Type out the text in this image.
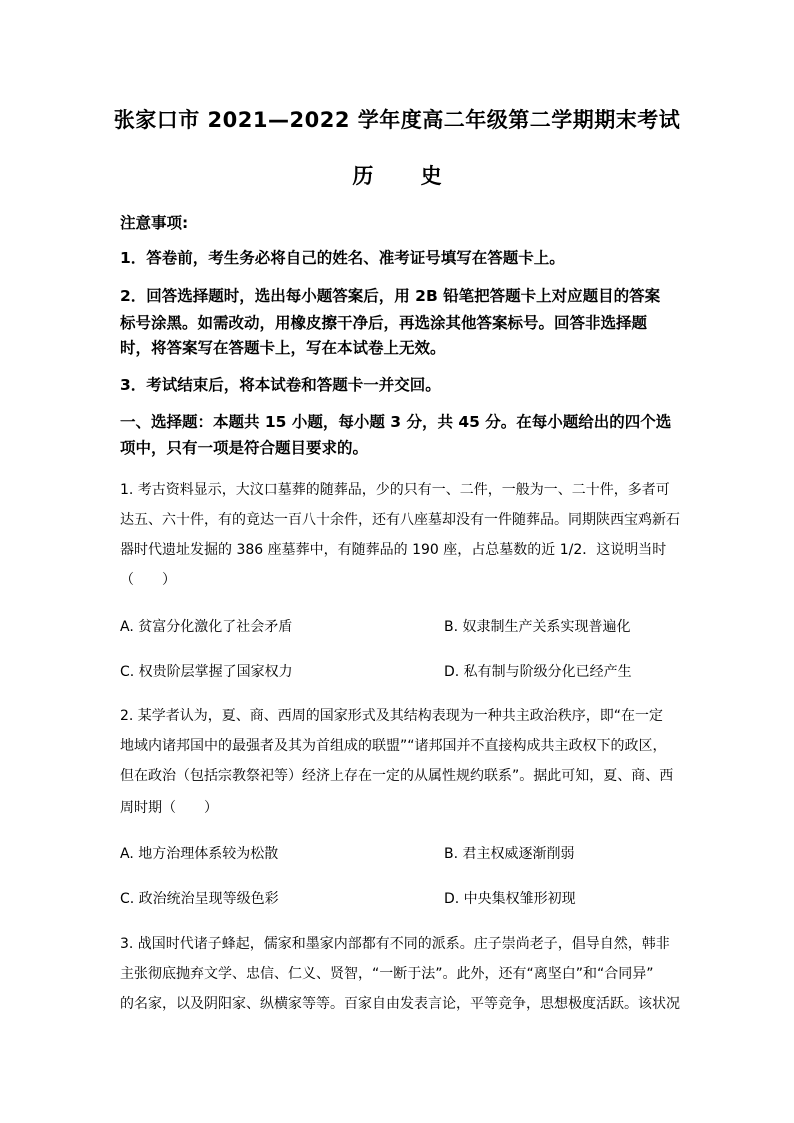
张家口市 2021—2022 学年度高二年级第二学期期末考试
历 史
注意事项:
1．答卷前，考生务必将自己的姓名、准考证号填写在答题卡上。
2．回答选择题时，选出每小题答案后，用 2B 铅笔把答题卡上对应题目的答案
标号涂黑。如需改动，用橡皮擦干净后，再选涂其他答案标号。回答非选择题
时，将答案写在答题卡上，写在本试卷上无效。
3．考试结束后，将本试卷和答题卡一并交回。
一、选择题：本题共 15 小题，每小题 3 分，共 45 分。在每小题给出的四个选
项中，只有一项是符合题目要求的。
1. 考古资料显示，大汶口墓葬的随葬品，少的只有一、二件，一般为一、二十件，多者可
达五、六十件，有的竟达一百八十余件，还有八座墓却没有一件随葬品。同期陕西宝鸡新石
器时代遗址发掘的 386 座墓葬中，有随葬品的 190 座，占总墓数的近 1/2．这说明当时
（　　）
A. 贫富分化激化了社会矛盾	B. 奴隶制生产关系实现普遍化
C. 权贵阶层掌握了国家权力	D. 私有制与阶级分化已经产生
2. 某学者认为，夏、商、西周的国家形式及其结构表现为一种共主政治秩序，即“在一定
地域内诸邦国中的最强者及其为首组成的联盟”“诸邦国并不直接构成共主政权下的政区，
但在政治（包括宗教祭祀等）经济上存在一定的从属性规约联系”。据此可知，夏、商、西
周时期（　　）
A. 地方治理体系较为松散	B. 君主权威逐渐削弱
C. 政治统治呈现等级色彩	D. 中央集权雏形初现
3. 战国时代诸子蜂起，儒家和墨家内部都有不同的派系。庄子崇尚老子，倡导自然，韩非
主张彻底抛弃文学、忠信、仁义、贤智，“一断于法”。此外，还有“离坚白”和“合同异”
的名家，以及阴阳家、纵横家等等。百家自由发表言论，平等竞争，思想极度活跃。该状况
